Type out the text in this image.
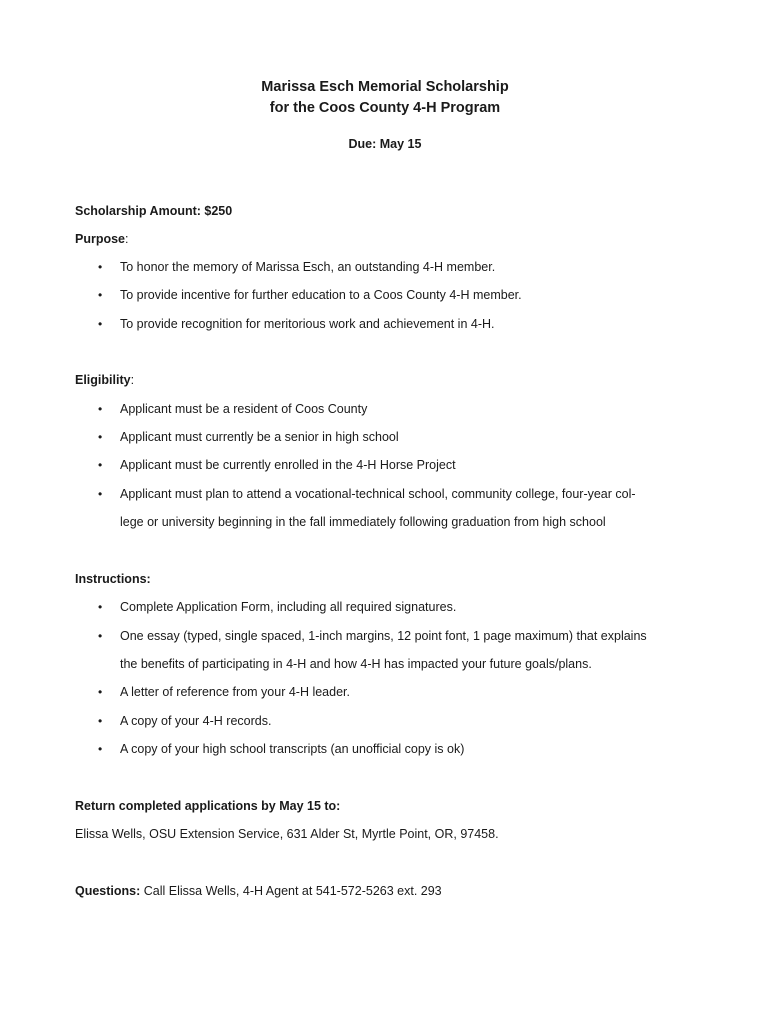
Marissa Esch Memorial Scholarship
for the Coos County 4-H Program
Due: May 15
Scholarship Amount: $250
Purpose:
• To honor the memory of Marissa Esch, an outstanding 4-H member.
• To provide incentive for further education to a Coos County 4-H member.
• To provide recognition for meritorious work and achievement in 4-H.
Eligibility:
• Applicant must be a resident of Coos County
• Applicant must currently be a senior in high school
• Applicant must be currently enrolled in the 4-H Horse Project
• Applicant must plan to attend a vocational-technical school, community college, four-year col-
lege or university beginning in the fall immediately following graduation from high school
Instructions:
• Complete Application Form, including all required signatures.
• One essay (typed, single spaced, 1-inch margins, 12 point font, 1 page maximum) that explains
the benefits of participating in 4-H and how 4-H has impacted your future goals/plans.
• A letter of reference from your 4-H leader.
• A copy of your 4-H records.
• A copy of your high school transcripts (an unofficial copy is ok)
Return completed applications by May 15 to:
Elissa Wells, OSU Extension Service, 631 Alder St, Myrtle Point, OR, 97458.
Questions: Call Elissa Wells, 4-H Agent at 541-572-5263 ext. 293
